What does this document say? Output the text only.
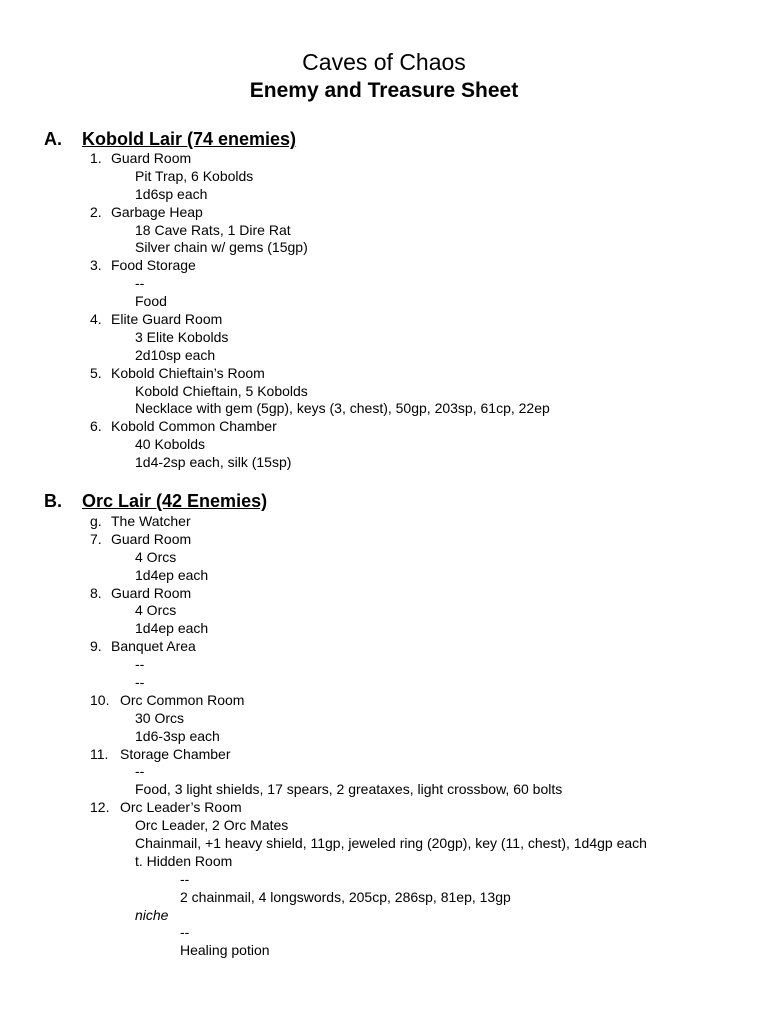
Caves of Chaos
Enemy and Treasure Sheet
A. Kobold Lair (74 enemies)
1. Guard Room
Pit Trap, 6 Kobolds
1d6sp each
2. Garbage Heap
18 Cave Rats, 1 Dire Rat
Silver chain w/ gems (15gp)
3. Food Storage
--
Food
4. Elite Guard Room
3 Elite Kobolds
2d10sp each
5. Kobold Chieftain’s Room
Kobold Chieftain, 5 Kobolds
Necklace with gem (5gp), keys (3, chest), 50gp, 203sp, 61cp, 22ep
6. Kobold Common Chamber
40 Kobolds
1d4-2sp each, silk (15sp)
B. Orc Lair (42 Enemies)
g. The Watcher
7. Guard Room
4 Orcs
1d4ep each
8. Guard Room
4 Orcs
1d4ep each
9. Banquet Area
--
--
10. Orc Common Room
30 Orcs
1d6-3sp each
11. Storage Chamber
--
Food, 3 light shields, 17 spears, 2 greataxes, light crossbow, 60 bolts
12. Orc Leader’s Room
Orc Leader, 2 Orc Mates
Chainmail, +1 heavy shield, 11gp, jeweled ring (20gp), key (11, chest), 1d4gp each
t. Hidden Room
--
2 chainmail, 4 longswords, 205cp, 286sp, 81ep, 13gp
niche
--
Healing potion
